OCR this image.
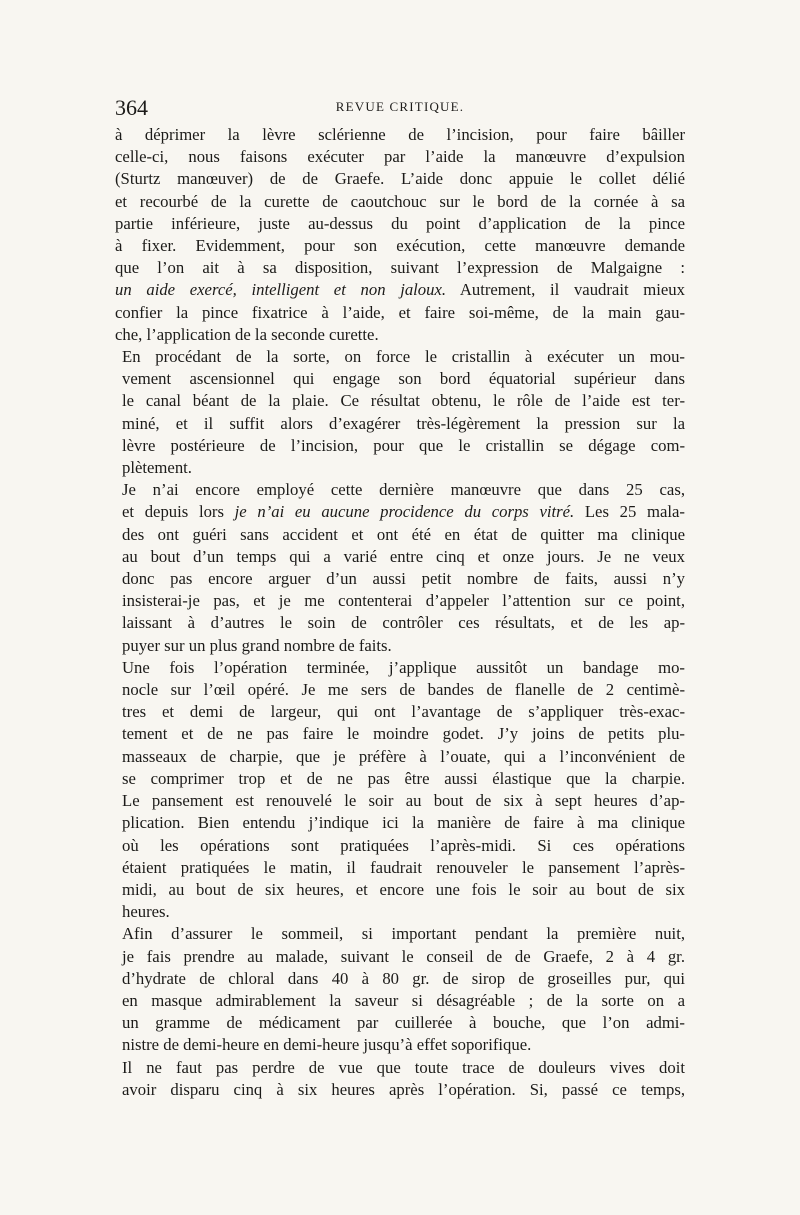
364	REVUE CRITIQUE.

à déprimer la lèvre sclérienne de l’incision, pour faire bâiller
celle-ci, nous faisons exécuter par l’aide la manœuvre d’expulsion
(Sturtz manœuver) de de Graefe. L’aide donc appuie le collet délié
et recourbé de la curette de caoutchouc sur le bord de la cornée à sa
partie inférieure, juste au-dessus du point d’application de la pince
à fixer. Evidemment, pour son exécution, cette manœuvre demande
que l’on ait à sa disposition, suivant l’expression de Malgaigne :
un aide exercé, intelligent et non jaloux. Autrement, il vaudrait mieux
confier la pince fixatrice à l’aide, et faire soi-même, de la main gau-
che, l’application de la seconde curette.

En procédant de la sorte, on force le cristallin à exécuter un mou-
vement ascensionnel qui engage son bord équatorial supérieur dans
le canal béant de la plaie. Ce résultat obtenu, le rôle de l’aide est ter-
miné, et il suffit alors d’exagérer très-légèrement la pression sur la
lèvre postérieure de l’incision, pour que le cristallin se dégage com-
plètement.

Je n’ai encore employé cette dernière manœuvre que dans 25 cas,
et depuis lors je n’ai eu aucune procidence du corps vitré. Les 25 mala-
des ont guéri sans accident et ont été en état de quitter ma clinique
au bout d’un temps qui a varié entre cinq et onze jours. Je ne veux
donc pas encore arguer d’un aussi petit nombre de faits, aussi n’y
insisterai-je pas, et je me contenterai d’appeler l’attention sur ce point,
laissant à d’autres le soin de contrôler ces résultats, et de les ap-
puyer sur un plus grand nombre de faits.

Une fois l’opération terminée, j’applique aussitôt un bandage mo-
nocle sur l’œil opéré. Je me sers de bandes de flanelle de 2 centimè-
tres et demi de largeur, qui ont l’avantage de s’appliquer très-exac-
tement et de ne pas faire le moindre godet. J’y joins de petits plu-
masseaux de charpie, que je préfère à l’ouate, qui a l’inconvénient de
se comprimer trop et de ne pas être aussi élastique que la charpie.
Le pansement est renouvelé le soir au bout de six à sept heures d’ap-
plication. Bien entendu j’indique ici la manière de faire à ma clinique
où les opérations sont pratiquées l’après-midi. Si ces opérations
étaient pratiquées le matin, il faudrait renouveler le pansement l’après-
midi, au bout de six heures, et encore une fois le soir au bout de six
heures.

Afin d’assurer le sommeil, si important pendant la première nuit,
je fais prendre au malade, suivant le conseil de de Graefe, 2 à 4 gr.
d’hydrate de chloral dans 40 à 80 gr. de sirop de groseilles pur, qui
en masque admirablement la saveur si désagréable ; de la sorte on a
un gramme de médicament par cuillerée à bouche, que l’on admi-
nistre de demi-heure en demi-heure jusqu’à effet soporifique.

Il ne faut pas perdre de vue que toute trace de douleurs vives doit
avoir disparu cinq à six heures après l’opération. Si, passé ce temps,
